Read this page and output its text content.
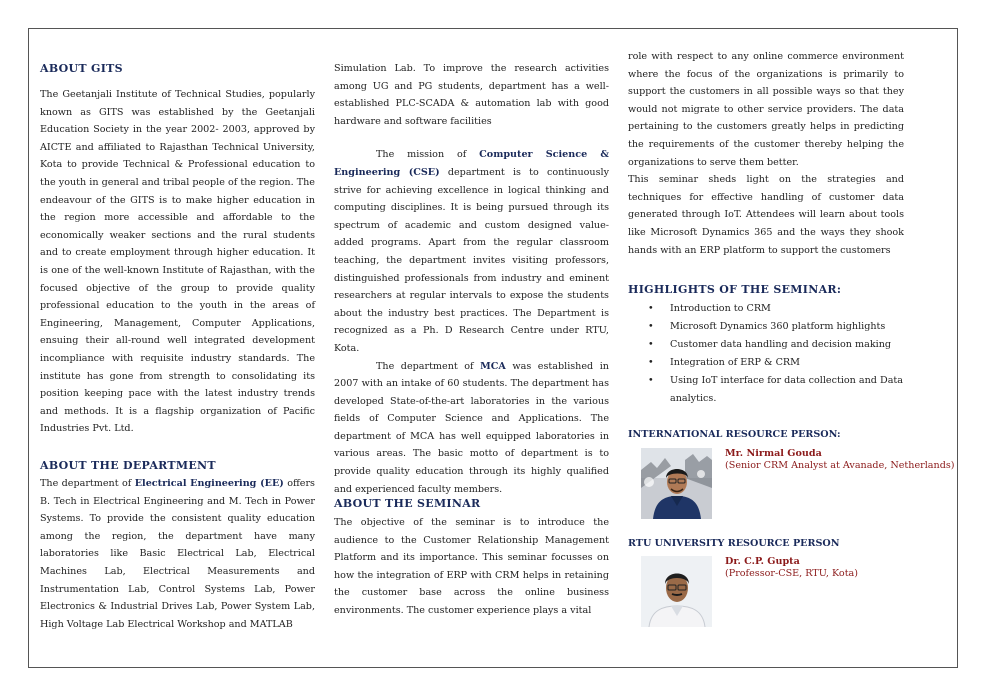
ABOUT GITS

The Geetanjali Institute of Technical Studies, popularly known as GITS was established by the Geetanjali Education Society in the year 2002- 2003, approved by AICTE and affiliated to Rajasthan Technical University, Kota to provide Technical & Professional education to the youth in general and tribal people of the region. The endeavour of the GITS is to make higher education in the region more accessible and affordable to the economically weaker sections and the rural students and to create employment through higher education. It is one of the well-known Institute of Rajasthan, with the focused objective of the group to provide quality professional education to the youth in the areas of Engineering, Management, Computer Applications, ensuing their all-round well integrated development incompliance with requisite industry standards. The institute has gone from strength to consolidating its position keeping pace with the latest industry trends and methods. It is a flagship organization of Pacific Industries Pvt. Ltd.

ABOUT THE DEPARTMENT

The department of Electrical Engineering (EE) offers B. Tech in Electrical Engineering and M. Tech in Power Systems. To provide the consistent quality education among the region, the department have many laboratories like Basic Electrical Lab, Electrical Machines Lab, Electrical Measurements and Instrumentation Lab, Control Systems Lab, Power Electronics & Industrial Drives Lab, Power System Lab, High Voltage Lab Electrical Workshop and MATLAB

Simulation Lab. To improve the research activities among UG and PG students, department has a well-established PLC-SCADA & automation lab with good hardware and software facilities

The mission of Computer Science & Engineering (CSE) department is to continuously strive for achieving excellence in logical thinking and computing disciplines. It is being pursued through its spectrum of academic and custom designed value-added programs. Apart from the regular classroom teaching, the department invites visiting professors, distinguished professionals from industry and eminent researchers at regular intervals to expose the students about the industry best practices. The Department is recognized as a Ph. D Research Centre under RTU, Kota.

The department of MCA was established in 2007 with an intake of 60 students. The department has developed State-of-the-art laboratories in the various fields of Computer Science and Applications. The department of MCA has well equipped laboratories in various areas. The basic motto of department is to provide quality education through its highly qualified and experienced faculty members.

ABOUT THE SEMINAR

The objective of the seminar is to introduce the audience to the Customer Relationship Management Platform and its importance. This seminar focusses on how the integration of ERP with CRM helps in retaining the customer base across the online business environments. The customer experience plays a vital

role with respect to any online commerce environment where the focus of the organizations is primarily to support the customers in all possible ways so that they would not migrate to other service providers. The data pertaining to the customers greatly helps in predicting the requirements of the customer thereby helping the organizations to serve them better.

This seminar sheds light on the strategies and techniques for effective handling of customer data generated through IoT. Attendees will learn about tools like Microsoft Dynamics 365 and the ways they shook hands with an ERP platform to support the customers

HIGHLIGHTS OF THE SEMINAR:
• Introduction to CRM
• Microsoft Dynamics 360 platform highlights
• Customer data handling and decision making
• Integration of ERP & CRM
• Using IoT interface for data collection and Data analytics.
INTERNATIONAL RESOURCE PERSON:
Mr. Nirmal Gouda
(Senior CRM Analyst at Avanade, Netherlands)
RTU UNIVERSITY RESOURCE PERSON
Dr. C.P. Gupta
(Professor-CSE, RTU, Kota)
